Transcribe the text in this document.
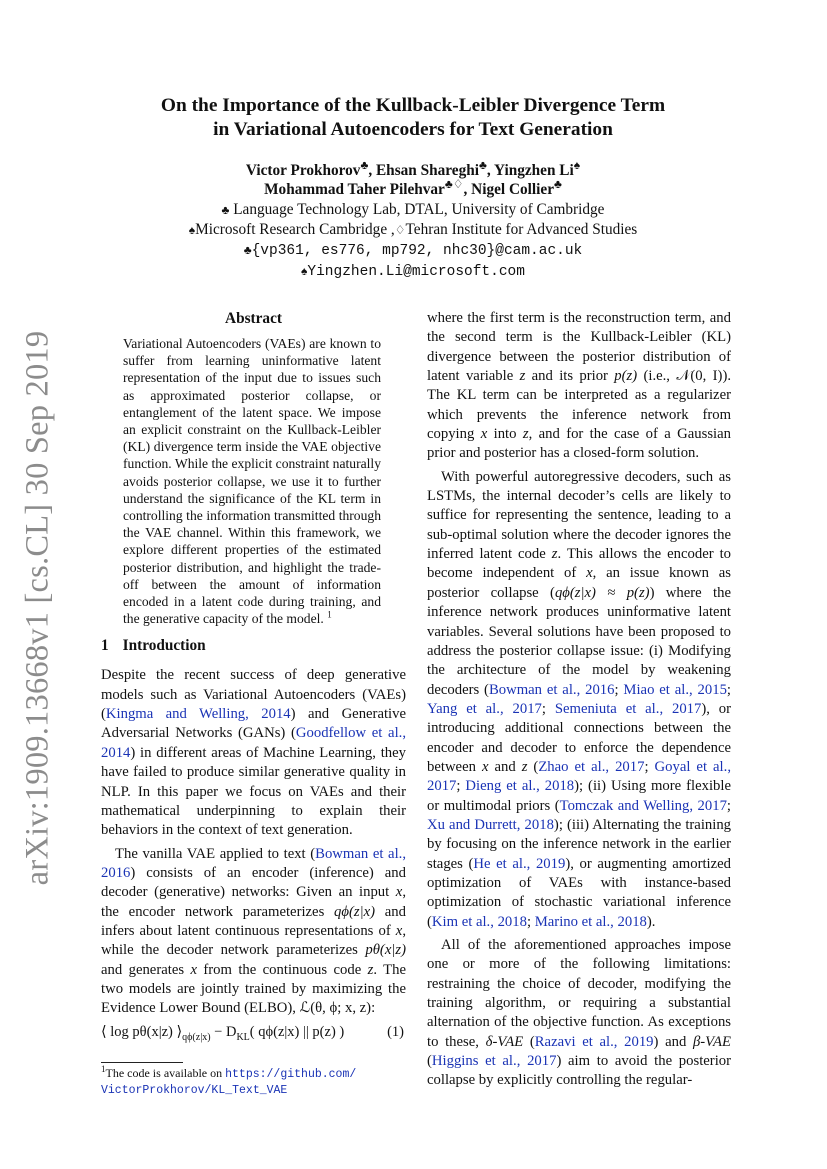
arXiv:1909.13668v1 [cs.CL] 30 Sep 2019
On the Importance of the Kullback-Leibler Divergence Term
in Variational Autoencoders for Text Generation
Victor Prokhorov♣, Ehsan Shareghi♣, Yingzhen Li♠
Mohammad Taher Pilehvar♣♢, Nigel Collier♣
♣ Language Technology Lab, DTAL, University of Cambridge
♠Microsoft Research Cambridge ,♢Tehran Institute for Advanced Studies
♣{vp361, es776, mp792, nhc30}@cam.ac.uk
♠Yingzhen.Li@microsoft.com
Abstract

Variational Autoencoders (VAEs) are known to suffer from learning uninformative latent representation of the input due to issues such as approximated posterior collapse, or entanglement of the latent space. We impose an explicit constraint on the Kullback-Leibler (KL) divergence term inside the VAE objective function. While the explicit constraint naturally avoids posterior collapse, we use it to further understand the significance of the KL term in controlling the information transmitted through the VAE channel. Within this framework, we explore different properties of the estimated posterior distribution, and highlight the trade-off between the amount of information encoded in a latent code during training, and the generative capacity of the model. $^1$

1 Introduction

Despite the recent success of deep generative models such as Variational Autoencoders (VAEs) (Kingma and Welling, 2014) and Generative Adversarial Networks (GANs) (Goodfellow et al., 2014) in different areas of Machine Learning, they have failed to produce similar generative quality in NLP. In this paper we focus on VAEs and their mathematical underpinning to explain their behaviors in the context of text generation.

The vanilla VAE applied to text (Bowman et al., 2016) consists of an encoder (inference) and decoder (generative) networks: Given an input x, the encoder network parameterizes qϕ(z|x) and infers about latent continuous representations of x, while the decoder network parameterizes pθ(x|z) and generates x from the continuous code z. The two models are jointly trained by maximizing the Evidence Lower Bound (ELBO), ℒ(θ, ϕ; x, z):

⟨ log pθ(x|z) $⟩_{q\phi(z|x)} - D_{KL}$( qϕ(z|x) || p(z) )	(1)
$^1$The code is available on https://github.com/
VictorProkhorov/KL_Text_VAE

where the first term is the reconstruction term, and the second term is the Kullback-Leibler (KL) divergence between the posterior distribution of latent variable z and its prior p(z) (i.e., 𝒩(0, I)). The KL term can be interpreted as a regularizer which prevents the inference network from copying x into z, and for the case of a Gaussian prior and posterior has a closed-form solution.

With powerful autoregressive decoders, such as LSTMs, the internal decoder’s cells are likely to suffice for representing the sentence, leading to a sub-optimal solution where the decoder ignores the inferred latent code z. This allows the encoder to become independent of x, an issue known as posterior collapse (qϕ(z|x) ≈ p(z)) where the inference network produces uninformative latent variables. Several solutions have been proposed to address the posterior collapse issue: (i) Modifying the architecture of the model by weakening decoders (Bowman et al., 2016; Miao et al., 2015; Yang et al., 2017; Semeniuta et al., 2017), or introducing additional connections between the encoder and decoder to enforce the dependence between x and z (Zhao et al., 2017; Goyal et al., 2017; Dieng et al., 2018); (ii) Using more flexible or multimodal priors (Tomczak and Welling, 2017; Xu and Durrett, 2018); (iii) Alternating the training by focusing on the inference network in the earlier stages (He et al., 2019), or augmenting amortized optimization of VAEs with instance-based optimization of stochastic variational inference (Kim et al., 2018; Marino et al., 2018).

All of the aforementioned approaches impose one or more of the following limitations: restraining the choice of decoder, modifying the training algorithm, or requiring a substantial alternation of the objective function. As exceptions to these, δ-VAE (Razavi et al., 2019) and β-VAE (Higgins et al., 2017) aim to avoid the posterior collapse by explicitly controlling the regular-
